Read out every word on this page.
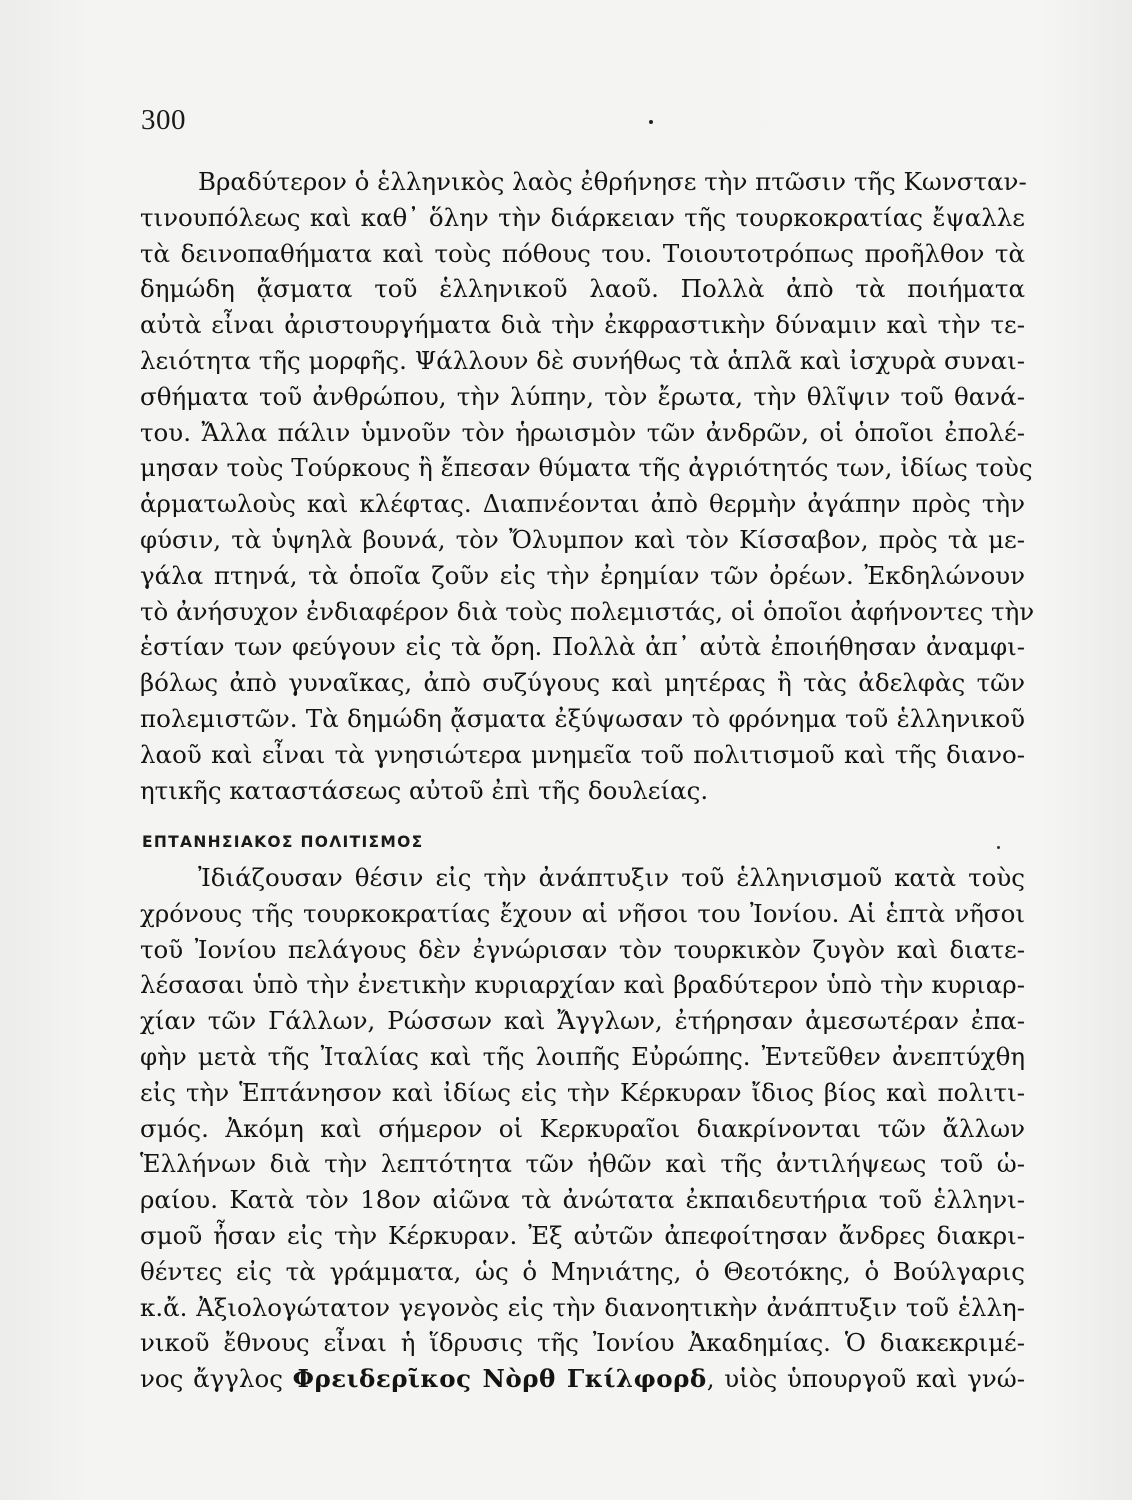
300
Βραδύτερον ὁ ἑλληνικὸς λαὸς ἐθρήνησε τὴν πτῶσιν τῆς Κωνσταν-
τινουπόλεως καὶ καθ᾿ ὅλην τὴν διάρκειαν τῆς τουρκοκρατίας ἔψαλλε
τὰ δεινοπαθήματα καὶ τοὺς πόθους του. Τοιουτοτρόπως προῆλθον τὰ
δημώδη ᾄσματα τοῦ ἑλληνικοῦ λαοῦ. Πολλὰ ἀπὸ τὰ ποιήματα
αὐτὰ εἶναι ἀριστουργήματα διὰ τὴν ἐκφραστικὴν δύναμιν καὶ τὴν τε-
λειότητα τῆς μορφῆς. Ψάλλουν δὲ συνήθως τὰ ἁπλᾶ καὶ ἰσχυρὰ συναι-
σθήματα τοῦ ἀνθρώπου, τὴν λύπην, τὸν ἔρωτα, τὴν θλῖψιν τοῦ θανά-
του. Ἄλλα πάλιν ὑμνοῦν τὸν ἡρωισμὸν τῶν ἀνδρῶν, οἱ ὁποῖοι ἐπολέ-
μησαν τοὺς Τούρκους ἢ ἔπεσαν θύματα τῆς ἀγριότητός των, ἰδίως τοὺς
ἁρματωλοὺς καὶ κλέφτας. Διαπνέονται ἀπὸ θερμὴν ἀγάπην πρὸς τὴν
φύσιν, τὰ ὑψηλὰ βουνά, τὸν Ὄλυμπον καὶ τὸν Κίσσαβον, πρὸς τὰ με-
γάλα πτηνά, τὰ ὁποῖα ζοῦν εἰς τὴν ἐρημίαν τῶν ὀρέων. Ἐκδηλώνουν
τὸ ἀνήσυχον ἐνδιαφέρον διὰ τοὺς πολεμιστάς, οἱ ὁποῖοι ἀφήνοντες τὴν
ἑστίαν των φεύγουν εἰς τὰ ὄρη. Πολλὰ ἀπ᾿ αὐτὰ ἐποιήθησαν ἀναμφι-
βόλως ἀπὸ γυναῖκας, ἀπὸ συζύγους καὶ μητέρας ἢ τὰς ἀδελφὰς τῶν
πολεμιστῶν. Τὰ δημώδη ᾄσματα ἐξύψωσαν τὸ φρόνημα τοῦ ἑλληνικοῦ
λαοῦ καὶ εἶναι τὰ γνησιώτερα μνημεῖα τοῦ πολιτισμοῦ καὶ τῆς διανο-
ητικῆς καταστάσεως αὐτοῦ ἐπὶ τῆς δουλείας.
ΕΠΤΑΝΗΣΙΑΚΟΣ ΠΟΛΙΤΙΣΜΟΣ
Ἰδιάζουσαν θέσιν εἰς τὴν ἀνάπτυξιν τοῦ ἑλληνισμοῦ κατὰ τοὺς
χρόνους τῆς τουρκοκρατίας ἔχουν αἱ νῆσοι του Ἰονίου. Αἱ ἑπτὰ νῆσοι
τοῦ Ἰονίου πελάγους δὲν ἐγνώρισαν τὸν τουρκικὸν ζυγὸν καὶ διατε-
λέσασαι ὑπὸ τὴν ἐνετικὴν κυριαρχίαν καὶ βραδύτερον ὑπὸ τὴν κυριαρ-
χίαν τῶν Γάλλων, Ρώσσων καὶ Ἄγγλων, ἐτήρησαν ἀμεσωτέραν ἐπα-
φὴν μετὰ τῆς Ἰταλίας καὶ τῆς λοιπῆς Εὐρώπης. Ἐντεῦθεν ἀνεπτύχθη
εἰς τὴν Ἑπτάνησον καὶ ἰδίως εἰς τὴν Κέρκυραν ἴδιος βίος καὶ πολιτι-
σμός. Ἀκόμη καὶ σήμερον οἱ Κερκυραῖοι διακρίνονται τῶν ἄλλων
Ἑλλήνων διὰ τὴν λεπτότητα τῶν ἠθῶν καὶ τῆς ἀντιλήψεως τοῦ ὡ-
ραίου. Κατὰ τὸν 18ον αἰῶνα τὰ ἀνώτατα ἐκπαιδευτήρια τοῦ ἑλληνι-
σμοῦ ἦσαν εἰς τὴν Κέρκυραν. Ἐξ αὐτῶν ἀπεφοίτησαν ἄνδρες διακρι-
θέντες εἰς τὰ γράμματα, ὡς ὁ Μηνιάτης, ὁ Θεοτόκης, ὁ Βούλγαρις
κ.ἄ. Ἀξιολογώτατον γεγονὸς εἰς τὴν διανοητικὴν ἀνάπτυξιν τοῦ ἑλλη-
νικοῦ ἔθνους εἶναι ἡ ἵδρυσις τῆς Ἰονίου Ἀκαδημίας. Ὁ διακεκριμέ-
νος ἄγγλος Φρειδερῖκος Νὸρθ Γκίλφορδ, υἱὸς ὑπουργοῦ καὶ γνώ-
